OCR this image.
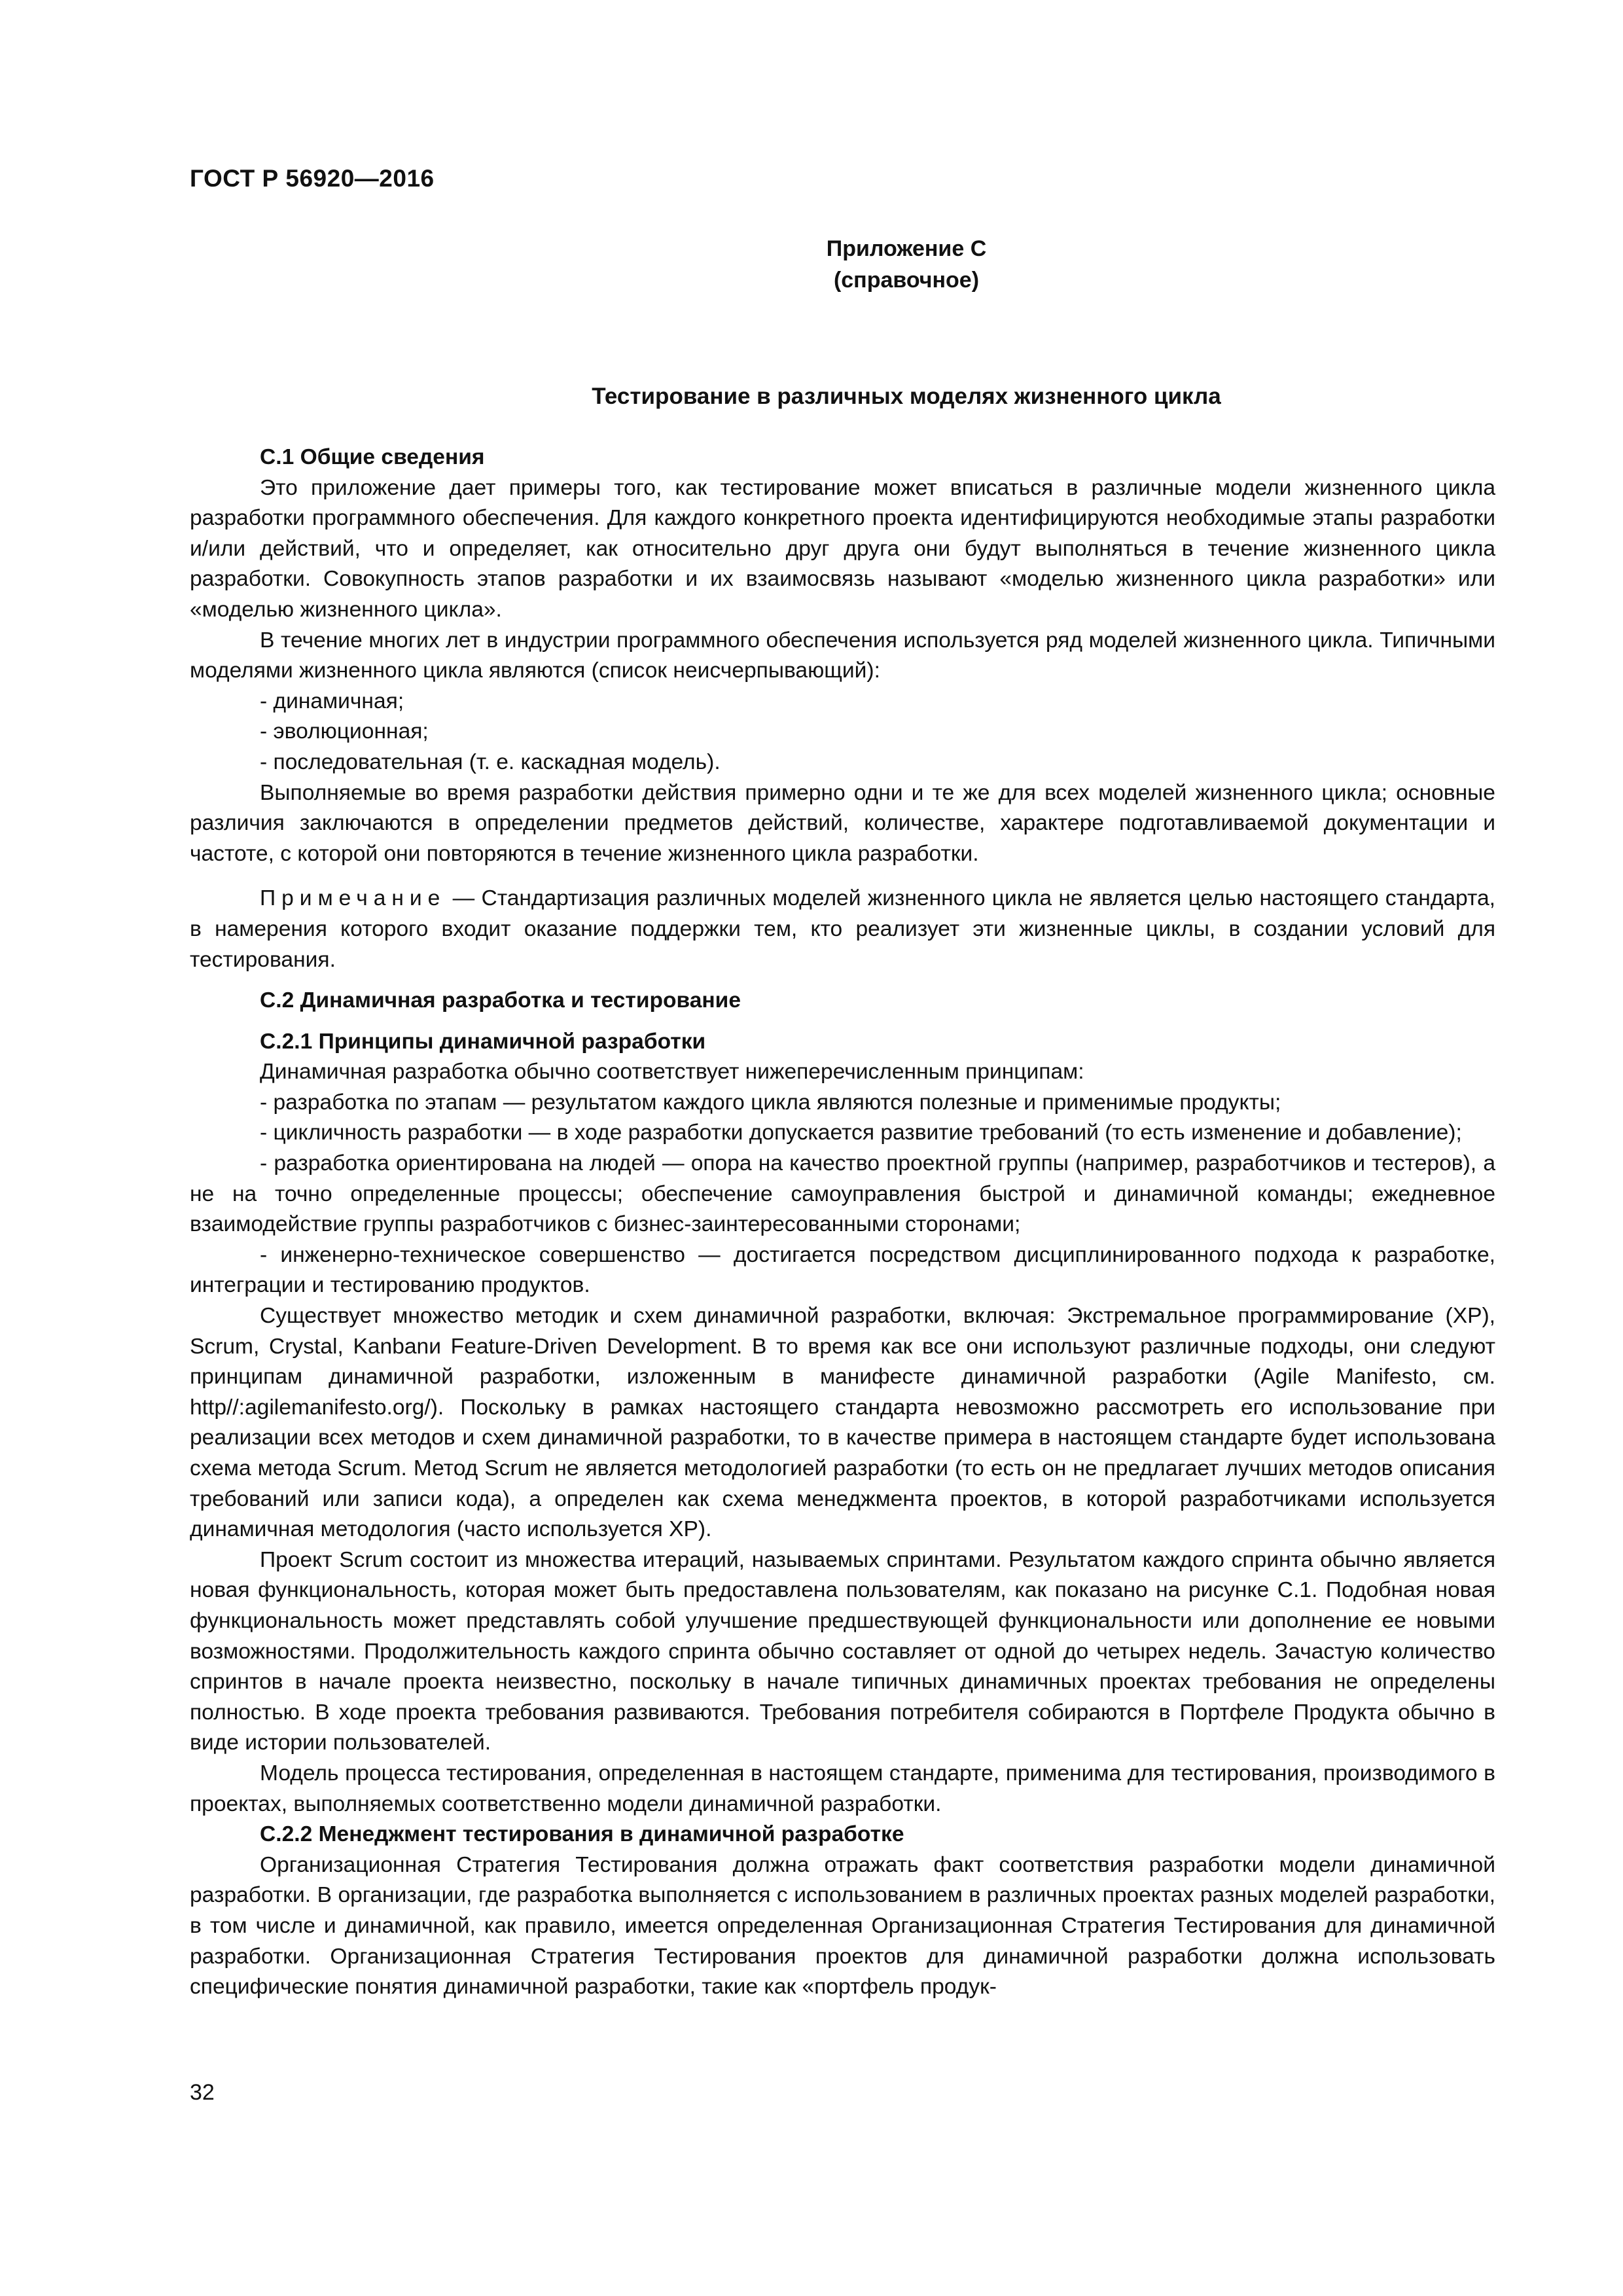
ГОСТ Р 56920—2016
Приложение С
(справочное)
Тестирование в различных моделях жизненного цикла
С.1 Общие сведения

Это приложение дает примеры того, как тестирование может вписаться в различные модели жизненного цикла разработки программного обеспечения. Для каждого конкретного проекта идентифицируются необходимые этапы разработки и/или действий, что и определяет, как относительно друг друга они будут выполняться в течение жизненного цикла разработки. Совокупность этапов разработки и их взаимосвязь называют «моделью жизненного цикла разработки» или «моделью жизненного цикла».

В течение многих лет в индустрии программного обеспечения используется ряд моделей жизненного цикла. Типичными моделями жизненного цикла являются (список неисчерпывающий):

- динамичная;

- эволюционная;

- последовательная (т. е. каскадная модель).

Выполняемые во время разработки действия примерно одни и те же для всех моделей жизненного цикла; основные различия заключаются в определении предметов действий, количестве, характере подготавливаемой документации и частоте, с которой они повторяются в течение жизненного цикла разработки.

Примечание — Стандартизация различных моделей жизненного цикла не является целью настоящего стандарта, в намерения которого входит оказание поддержки тем, кто реализует эти жизненные циклы, в создании условий для тестирования.

С.2 Динамичная разработка и тестирование
С.2.1 Принципы динамичной разработки

Динамичная разработка обычно соответствует нижеперечисленным принципам:

- разработка по этапам — результатом каждого цикла являются полезные и применимые продукты;

- цикличность разработки — в ходе разработки допускается развитие требований (то есть изменение и добавление);

- разработка ориентирована на людей — опора на качество проектной группы (например, разработчиков и тестеров), а не на точно определенные процессы; обеспечение самоуправления быстрой и динамичной команды; ежедневное взаимодействие группы разработчиков с бизнес-заинтересованными сторонами;

- инженерно-техническое совершенство — достигается посредством дисциплинированного подхода к разработке, интеграции и тестированию продуктов.

Существует множество методик и схем динамичной разработки, включая: Экстремальное программирование (XP), Scrum, Crystal, Kanbanи Feature-Driven Development. В то время как все они используют различные подходы, они следуют принципам динамичной разработки, изложенным в манифесте динамичной разработки (Agile Manifesto, см. http//:agilemanifesto.org/). Поскольку в рамках настоящего стандарта невозможно рассмотреть его использование при реализации всех методов и схем динамичной разработки, то в качестве примера в настоящем стандарте будет использована схема метода Scrum. Метод Scrum не является методологией разработки (то есть он не предлагает лучших методов описания требований или записи кода), а определен как схема менеджмента проектов, в которой разработчиками используется динамичная методология (часто используется XP).

Проект Scrum состоит из множества итераций, называемых спринтами. Результатом каждого спринта обычно является новая функциональность, которая может быть предоставлена пользователям, как показано на рисунке С.1. Подобная новая функциональность может представлять собой улучшение предшествующей функциональности или дополнение ее новыми возможностями. Продолжительность каждого спринта обычно составляет от одной до четырех недель. Зачастую количество спринтов в начале проекта неизвестно, поскольку в начале типичных динамичных проектах требования не определены полностью. В ходе проекта требования развиваются. Требования потребителя собираются в Портфеле Продукта обычно в виде истории пользователей.

Модель процесса тестирования, определенная в настоящем стандарте, применима для тестирования, производимого в проектах, выполняемых соответственно модели динамичной разработки.

С.2.2 Менеджмент тестирования в динамичной разработке

Организационная Стратегия Тестирования должна отражать факт соответствия разработки модели динамичной разработки. В организации, где разработка выполняется с использованием в различных проектах разных моделей разработки, в том числе и динамичной, как правило, имеется определенная Организационная Стратегия Тестирования для динамичной разработки. Организационная Стратегия Тестирования проектов для динамичной разработки должна использовать специфические понятия динамичной разработки, такие как «портфель продук-

32
